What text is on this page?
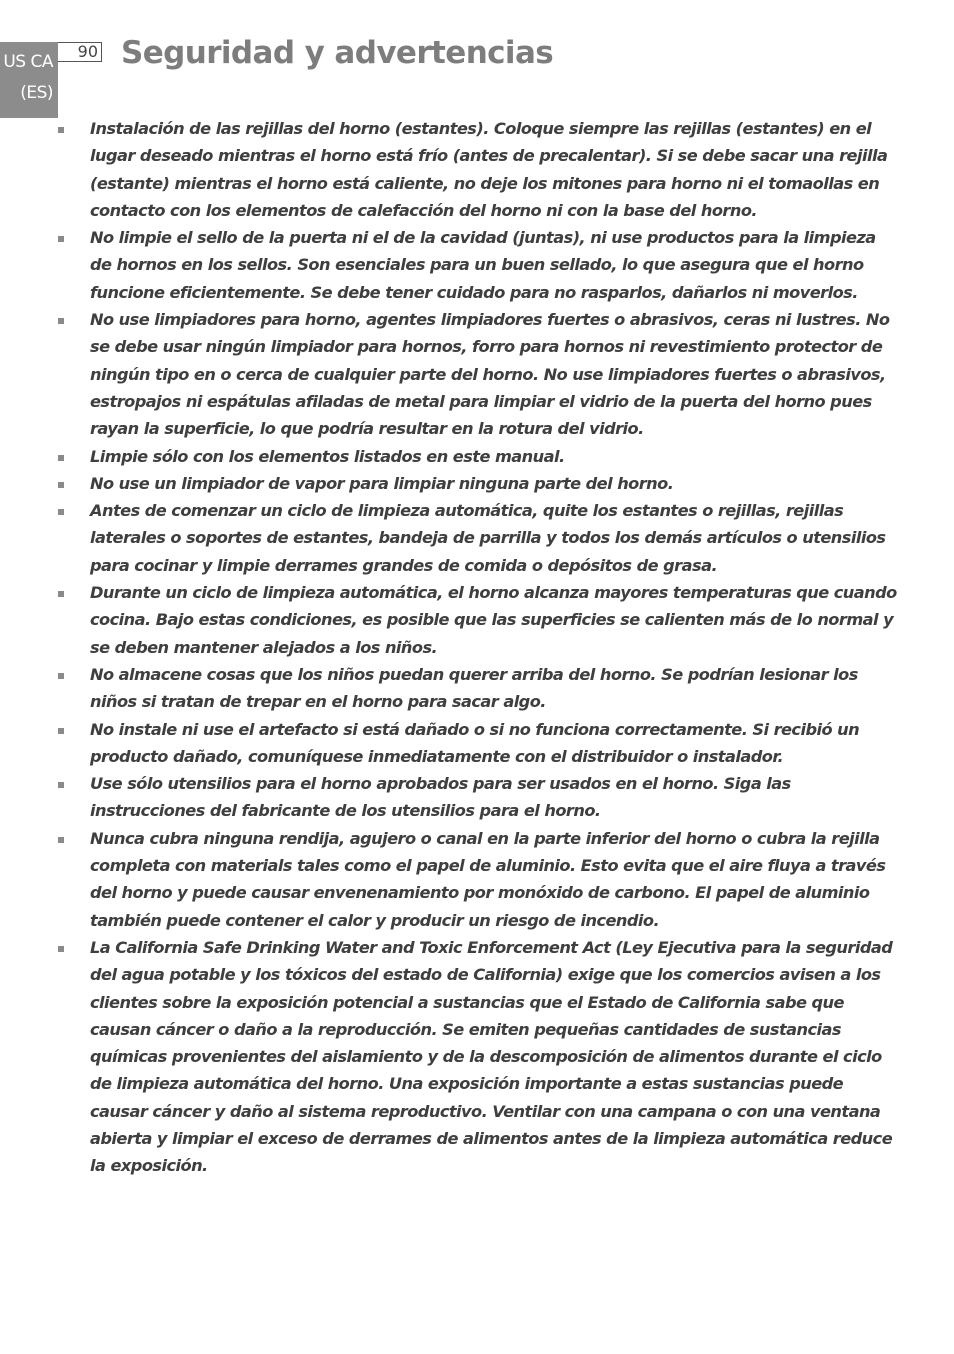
US CA
(ES)
90 Seguridad y advertencias
Instalación de las rejillas del horno (estantes). Coloque siempre las rejillas (estantes) en el lugar deseado mientras el horno está frío (antes de precalentar). Si se debe sacar una rejilla (estante) mientras el horno está caliente, no deje los mitones para horno ni el tomaollas en contacto con los elementos de calefacción del horno ni con la base del horno.
No limpie el sello de la puerta ni el de la cavidad (juntas), ni use productos para la limpieza de hornos en los sellos. Son esenciales para un buen sellado, lo que asegura que el horno funcione eficientemente. Se debe tener cuidado para no rasparlos, dañarlos ni moverlos.
No use limpiadores para horno, agentes limpiadores fuertes o abrasivos, ceras ni lustres. No se debe usar ningún limpiador para hornos, forro para hornos ni revestimiento protector de ningún tipo en o cerca de cualquier parte del horno. No use limpiadores fuertes o abrasivos, estropajos ni espátulas afiladas de metal para limpiar el vidrio de la puerta del horno pues rayan la superficie, lo que podría resultar en la rotura del vidrio.
Limpie sólo con los elementos listados en este manual.
No use un limpiador de vapor para limpiar ninguna parte del horno.
Antes de comenzar un ciclo de limpieza automática, quite los estantes o rejillas, rejillas laterales o soportes de estantes, bandeja de parrilla y todos los demás artículos o utensilios para cocinar y limpie derrames grandes de comida o depósitos de grasa.
Durante un ciclo de limpieza automática, el horno alcanza mayores temperaturas que cuando cocina. Bajo estas condiciones, es posible que las superficies se calienten más de lo normal y se deben mantener alejados a los niños.
No almacene cosas que los niños puedan querer arriba del horno. Se podrían lesionar los niños si tratan de trepar en el horno para sacar algo.
No instale ni use el artefacto si está dañado o si no funciona correctamente. Si recibió un producto dañado, comuníquese inmediatamente con el distribuidor o instalador.
Use sólo utensilios para el horno aprobados para ser usados en el horno. Siga las instrucciones del fabricante de los utensilios para el horno.
Nunca cubra ninguna rendija, agujero o canal en la parte inferior del horno o cubra la rejilla completa con materials tales como el papel de aluminio. Esto evita que el aire fluya a través del horno y puede causar envenenamiento por monóxido de carbono. El papel de aluminio también puede contener el calor y producir un riesgo de incendio.
La California Safe Drinking Water and Toxic Enforcement Act (Ley Ejecutiva para la seguridad del agua potable y los tóxicos del estado de California) exige que los comercios avisen a los clientes sobre la exposición potencial a sustancias que el Estado de California sabe que causan cáncer o daño a la reproducción. Se emiten pequeñas cantidades de sustancias químicas provenientes del aislamiento y de la descomposición de alimentos durante el ciclo de limpieza automática del horno. Una exposición importante a estas sustancias puede causar cáncer y daño al sistema reproductivo. Ventilar con una campana o con una ventana abierta y limpiar el exceso de derrames de alimentos antes de la limpieza automática reduce la exposición.
